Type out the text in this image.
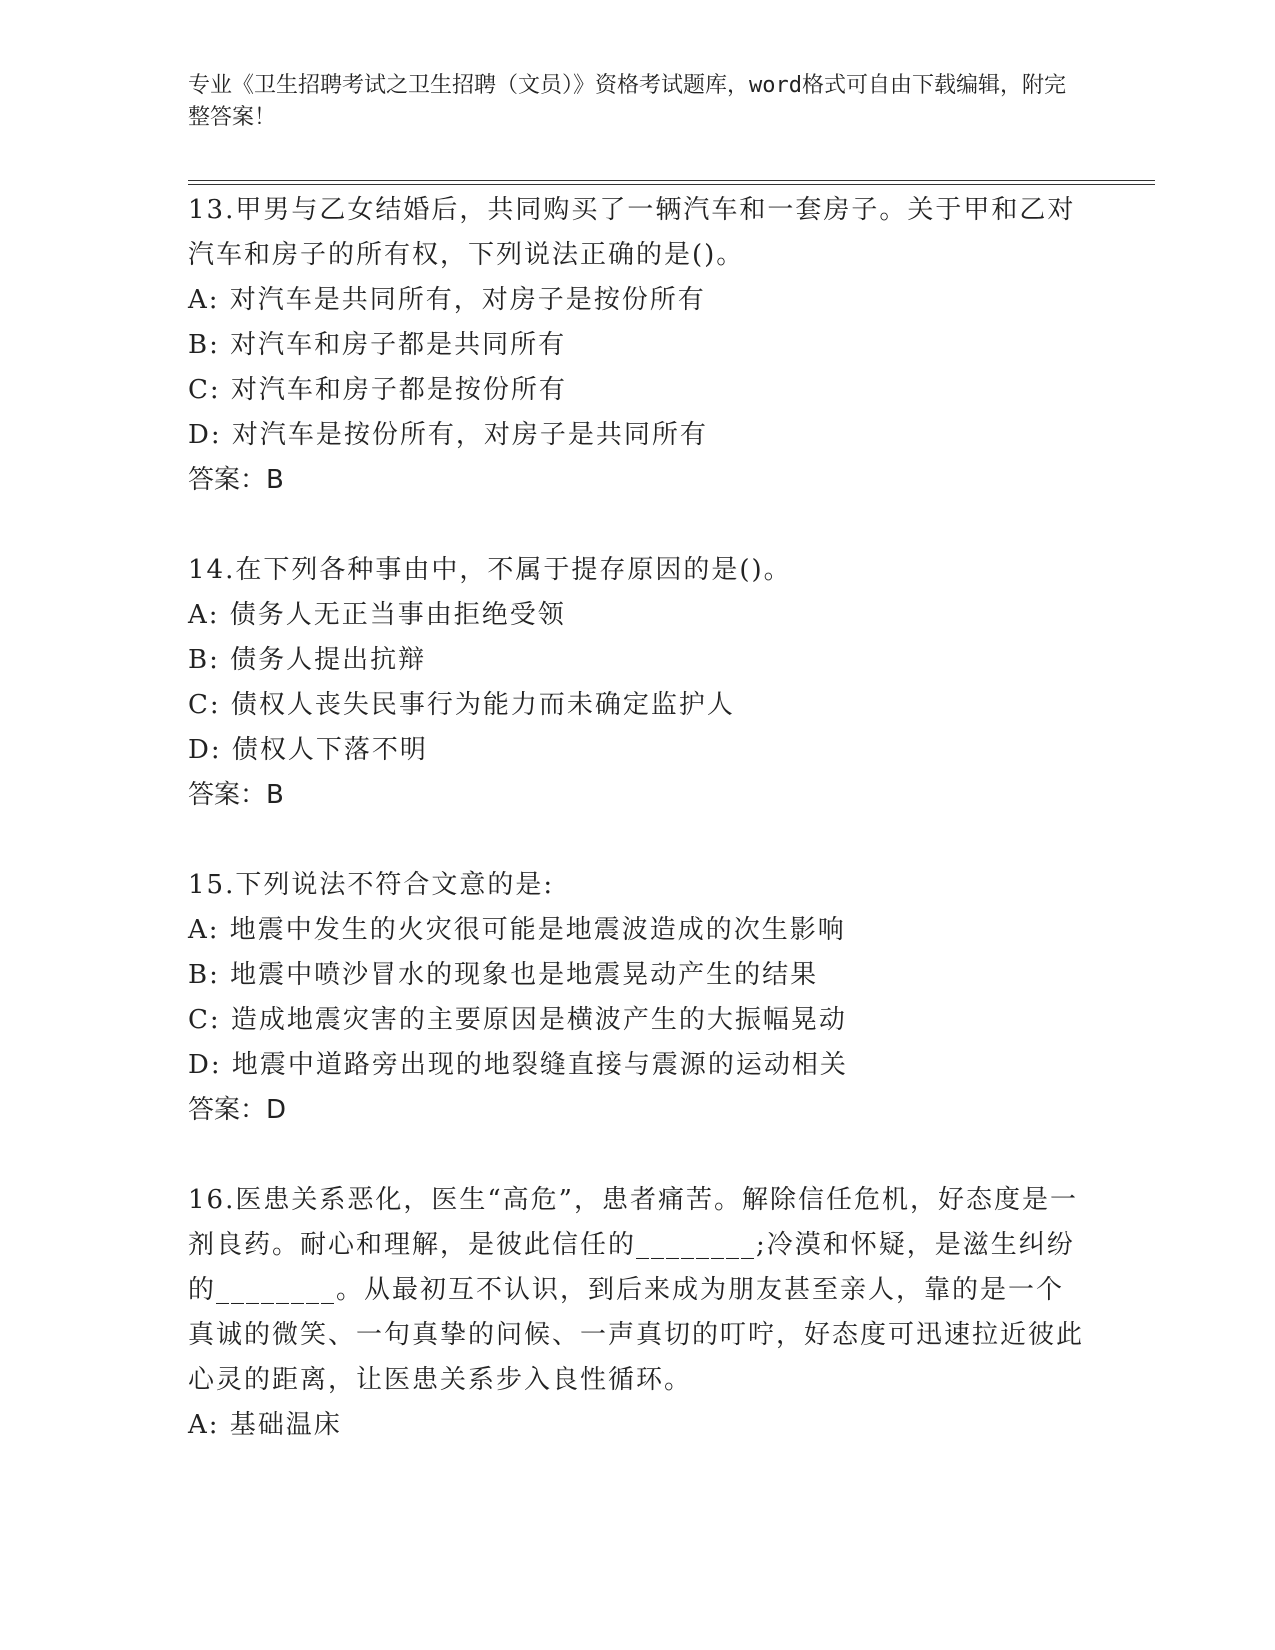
专业《卫生招聘考试之卫生招聘（文员）》资格考试题库，word格式可自由下载编辑，附完整答案！
13.甲男与乙女结婚后，共同购买了一辆汽车和一套房子。关于甲和乙对汽车和房子的所有权，下列说法正确的是()。
A: 对汽车是共同所有，对房子是按份所有
B: 对汽车和房子都是共同所有
C: 对汽车和房子都是按份所有
D: 对汽车是按份所有，对房子是共同所有
答案：B
14.在下列各种事由中，不属于提存原因的是()。
A: 债务人无正当事由拒绝受领
B: 债务人提出抗辩
C: 债权人丧失民事行为能力而未确定监护人
D: 债权人下落不明
答案：B
15.下列说法不符合文意的是:
A: 地震中发生的火灾很可能是地震波造成的次生影响
B: 地震中喷沙冒水的现象也是地震晃动产生的结果
C: 造成地震灾害的主要原因是横波产生的大振幅晃动
D: 地震中道路旁出现的地裂缝直接与震源的运动相关
答案：D
16.医患关系恶化，医生“高危”，患者痛苦。解除信任危机，好态度是一剂良药。耐心和理解，是彼此信任的________;冷漠和怀疑，是滋生纠纷的________。从最初互不认识，到后来成为朋友甚至亲人，靠的是一个真诚的微笑、一句真挚的问候、一声真切的叮咛，好态度可迅速拉近彼此心灵的距离，让医患关系步入良性循环。
A: 基础温床
